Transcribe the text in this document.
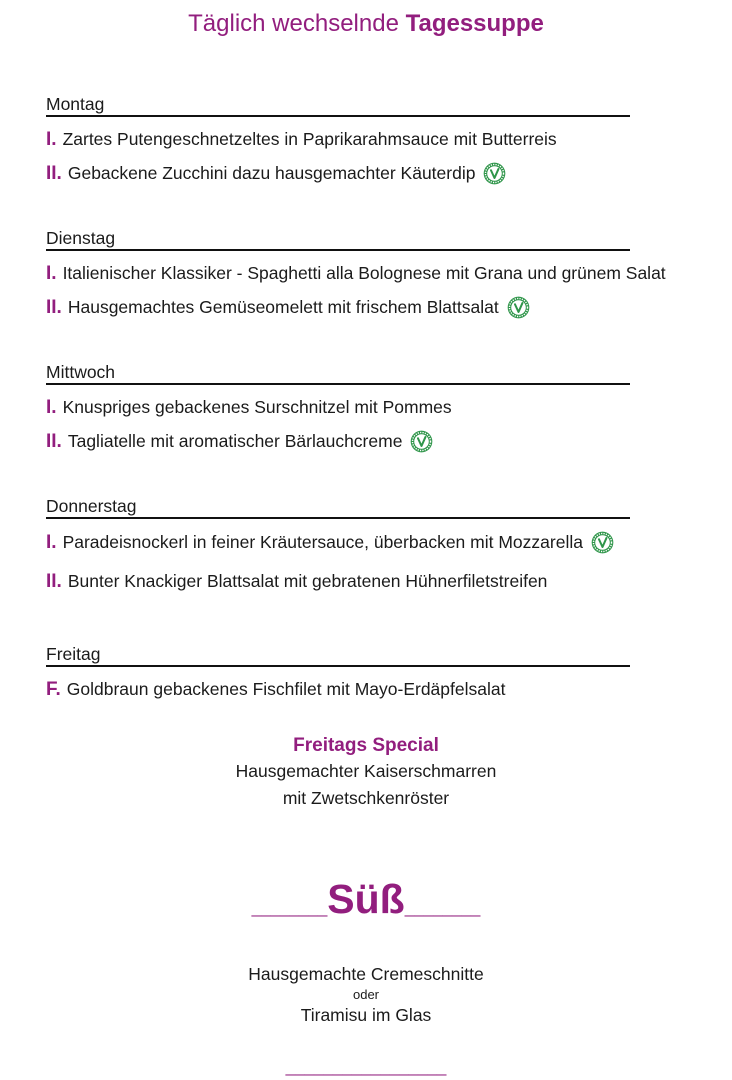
Täglich wechselnde Tagessuppe
Montag
I. Zartes Putengeschnetzeltes in Paprikarahmsauce mit Butterreis
II. Gebackene Zucchini dazu hausgemachter Käuterdip
Dienstag
I. Italienischer Klassiker - Spaghetti alla Bolognese mit Grana und grünem Salat
II. Hausgemachtes Gemüseomelett mit frischem Blattsalat
Mittwoch
I. Knuspriges gebackenes Surschnitzel mit Pommes
II. Tagliatelle mit aromatischer Bärlauchcreme
Donnerstag
I. Paradeisnockerl in feiner Kräutersauce, überbacken mit Mozzarella
II. Bunter Knackiger Blattsalat mit gebratenen Hühnerfiletstreifen
Freitag
F. Goldbraun gebackenes Fischfilet mit Mayo-Erdäpfelsalat
Freitags Special
Hausgemachter Kaiserschmarren
mit Zwetschkenröster
________Süß________
Hausgemachte Cremeschnitte
oder
Tiramisu im Glas
_________________
